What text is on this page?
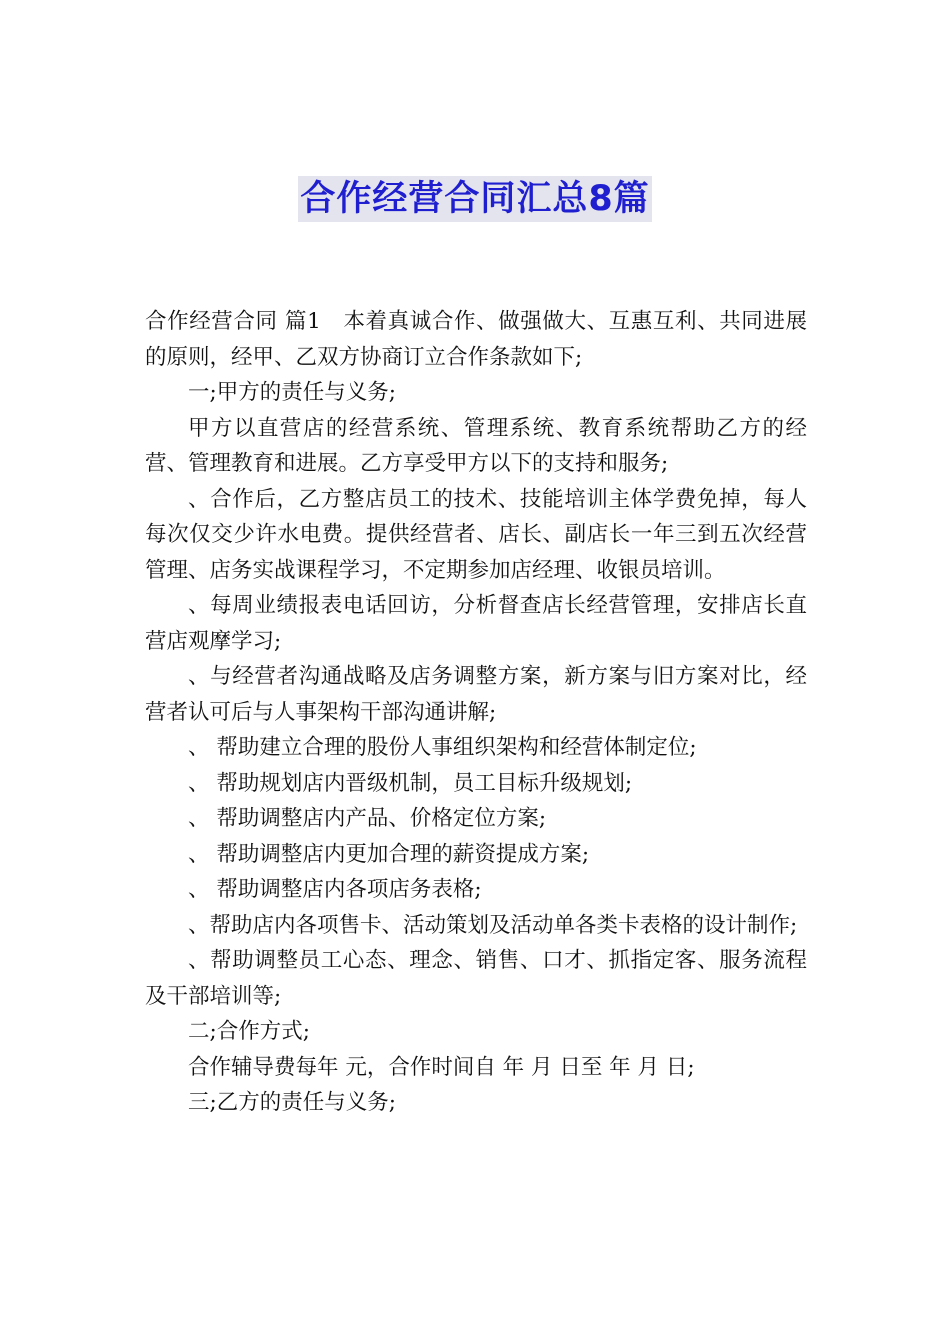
合作经营合同汇总8篇

合作经营合同 篇1 本着真诚合作、做强做大、互惠互利、共同进展的原则，经甲、乙双方协商订立合作条款如下;

一;甲方的责任与义务;

甲方以直营店的经营系统、管理系统、教育系统帮助乙方的经营、管理教育和进展。乙方享受甲方以下的支持和服务;

、合作后，乙方整店员工的技术、技能培训主体学费免掉，每人每次仅交少许水电费。提供经营者、店长、副店长一年三到五次经营管理、店务实战课程学习，不定期参加店经理、收银员培训。

、每周业绩报表电话回访，分析督查店长经营管理，安排店长直营店观摩学习;

、与经营者沟通战略及店务调整方案，新方案与旧方案对比，经营者认可后与人事架构干部沟通讲解;

、 帮助建立合理的股份人事组织架构和经营体制定位;

、 帮助规划店内晋级机制，员工目标升级规划;

、 帮助调整店内产品、价格定位方案;

、 帮助调整店内更加合理的薪资提成方案;

、 帮助调整店内各项店务表格;

、帮助店内各项售卡、活动策划及活动单各类卡表格的设计制作;

、帮助调整员工心态、理念、销售、口才、抓指定客、服务流程及干部培训等;

二;合作方式;

合作辅导费每年 元，合作时间自 年 月 日至 年 月 日;

三;乙方的责任与义务;
